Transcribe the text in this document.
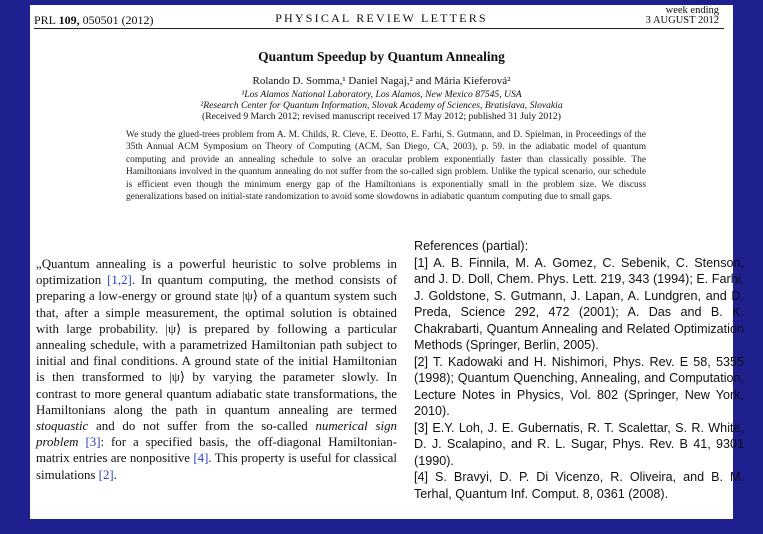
PRL 109, 050501 (2012)	PHYSICAL REVIEW LETTERS
week ending
3 AUGUST 2012
Quantum Speedup by Quantum Annealing
Rolando D. Somma,¹ Daniel Nagaj,² and Mária Kieferová²
¹Los Alamos National Laboratory, Los Alamos, New Mexico 87545, USA
²Research Center for Quantum Information, Slovak Academy of Sciences, Bratislava, Slovakia
(Received 9 March 2012; revised manuscript received 17 May 2012; published 31 July 2012)
We study the glued-trees problem from A. M. Childs, R. Cleve, E. Deotto, E. Farhi, S. Gutmann, and D. Spielman, in Proceedings of the 35th Annual ACM Symposium on Theory of Computing (ACM, San Diego, CA, 2003), p. 59. in the adiabatic model of quantum computing and provide an annealing schedule to solve an oracular problem exponentially faster than classically possible. The Hamiltonians involved in the quantum annealing do not suffer from the so-called sign problem. Unlike the typical scenario, our schedule is efficient even though the minimum energy gap of the Hamiltonians is exponentially small in the problem size. We discuss generalizations based on initial-state randomization to avoid some slowdowns in adiabatic quantum computing due to small gaps.
„Quantum annealing is a powerful heuristic to solve problems in optimization [1,2]. In quantum computing, the method consists of preparing a low-energy or ground state |ψ⟩ of a quantum system such that, after a simple measurement, the optimal solution is obtained with large probability. |ψ⟩ is prepared by following a particular annealing schedule, with a parametrized Hamiltonian path subject to initial and final conditions. A ground state of the initial Hamiltonian is then transformed to |ψ⟩ by varying the parameter slowly. In contrast to more general quantum adiabatic state transformations, the Hamiltonians along the path in quantum annealing are termed stoquastic and do not suffer from the so-called numerical sign problem [3]: for a specified basis, the off-diagonal Hamiltonian-matrix entries are nonpositive [4]. This property is useful for classical simulations [2].
References (partial):
[1] A. B. Finnila, M. A. Gomez, C. Sebenik, C. Stenson, and J. D. Doll, Chem. Phys. Lett. 219, 343 (1994); E. Farhi, J. Goldstone, S. Gutmann, J. Lapan, A. Lundgren, and D. Preda, Science 292, 472 (2001); A. Das and B. K. Chakrabarti, Quantum Annealing and Related Optimization Methods (Springer, Berlin, 2005).
[2] T. Kadowaki and H. Nishimori, Phys. Rev. E 58, 5355 (1998); Quantum Quenching, Annealing, and Computation, Lecture Notes in Physics, Vol. 802 (Springer, New York, 2010).
[3] E.Y. Loh, J. E. Gubernatis, R. T. Scalettar, S. R. White, D. J. Scalapino, and R. L. Sugar, Phys. Rev. B 41, 9301 (1990).
[4] S. Bravyi, D. P. Di Vicenzo, R. Oliveira, and B. M. Terhal, Quantum Inf. Comput. 8, 0361 (2008).
